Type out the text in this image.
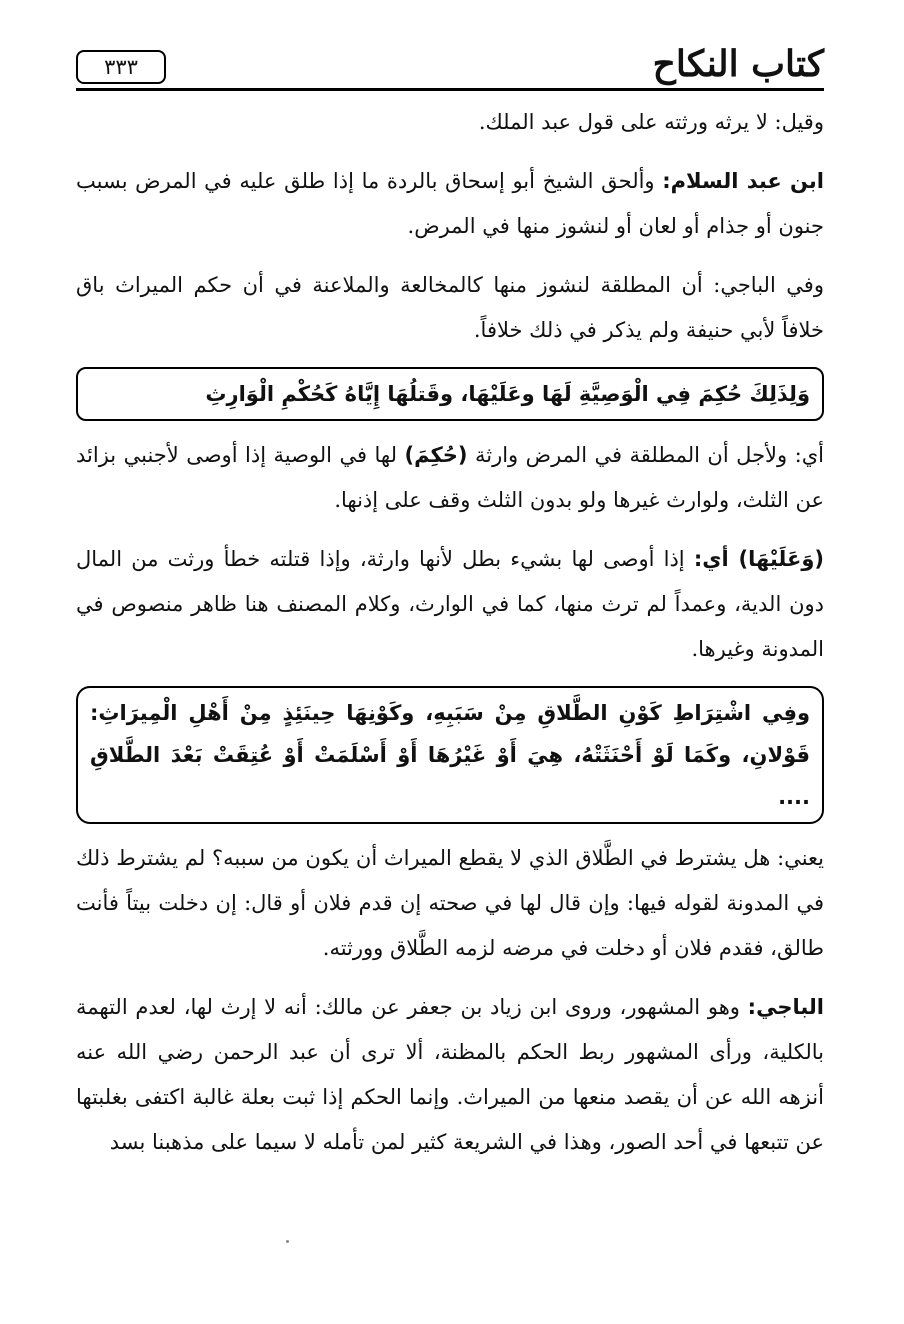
كتاب النكاح
٣٣٣

وقيل: لا يرثه ورثته على قول عبد الملك.

ابن عبد السلام: وألحق الشيخ أبو إسحاق بالردة ما إذا طلق عليه في المرض بسبب جنون أو جذام أو لعان أو لنشوز منها في المرض.

وفي الباجي: أن المطلقة لنشوز منها كالمخالعة والملاعنة في أن حكم الميراث باق خلافاً لأبي حنيفة ولم يذكر في ذلك خلافاً.

وَلِذَلِكَ حُكِمَ فِي الْوَصِيَّةِ لَهَا وعَلَيْهَا، وقَتلُهَا إِيَّاهُ كَحُكْمِ الْوَارِثِ

أي: ولأجل أن المطلقة في المرض وارثة (حُكِمَ) لها في الوصية إذا أوصى لأجنبي بزائد عن الثلث، ولوارث غيرها ولو بدون الثلث وقف على إذنها.

(وَعَلَيْهَا) أي: إذا أوصى لها بشيء بطل لأنها وارثة، وإذا قتلته خطأ ورثت من المال دون الدية، وعمداً لم ترث منها، كما في الوارث، وكلام المصنف هنا ظاهر منصوص في المدونة وغيرها.

وفِي اشْتِرَاطِ كَوْنِ الطَّلاقِ مِنْ سَبَبِهِ، وكَوْنِهَا حِينَئِذٍ مِنْ أَهْلِ الْمِيرَاثِ: قَوْلانِ، وكَمَا لَوْ أَحْنَثَتْهُ، هِيَ أَوْ غَيْرُهَا أَوْ أَسْلَمَتْ أَوْ عُتِقَتْ بَعْدَ الطَّلاقِ ....

يعني: هل يشترط في الطَّلاق الذي لا يقطع الميراث أن يكون من سببه؟ لم يشترط ذلك في المدونة لقوله فيها: وإن قال لها في صحته إن قدم فلان أو قال: إن دخلت بيتاً فأنت طالق، فقدم فلان أو دخلت في مرضه لزمه الطَّلاق وورثته.

الباجي: وهو المشهور، وروى ابن زياد بن جعفر عن مالك: أنه لا إرث لها، لعدم التهمة بالكلية، ورأى المشهور ربط الحكم بالمظنة، ألا ترى أن عبد الرحمن رضي الله عنه أنزهه الله عن أن يقصد منعها من الميراث. وإنما الحكم إذا ثبت بعلة غالبة اكتفى بغلبتها عن تتبعها في أحد الصور، وهذا في الشريعة كثير لمن تأمله لا سيما على مذهبنا بسد
